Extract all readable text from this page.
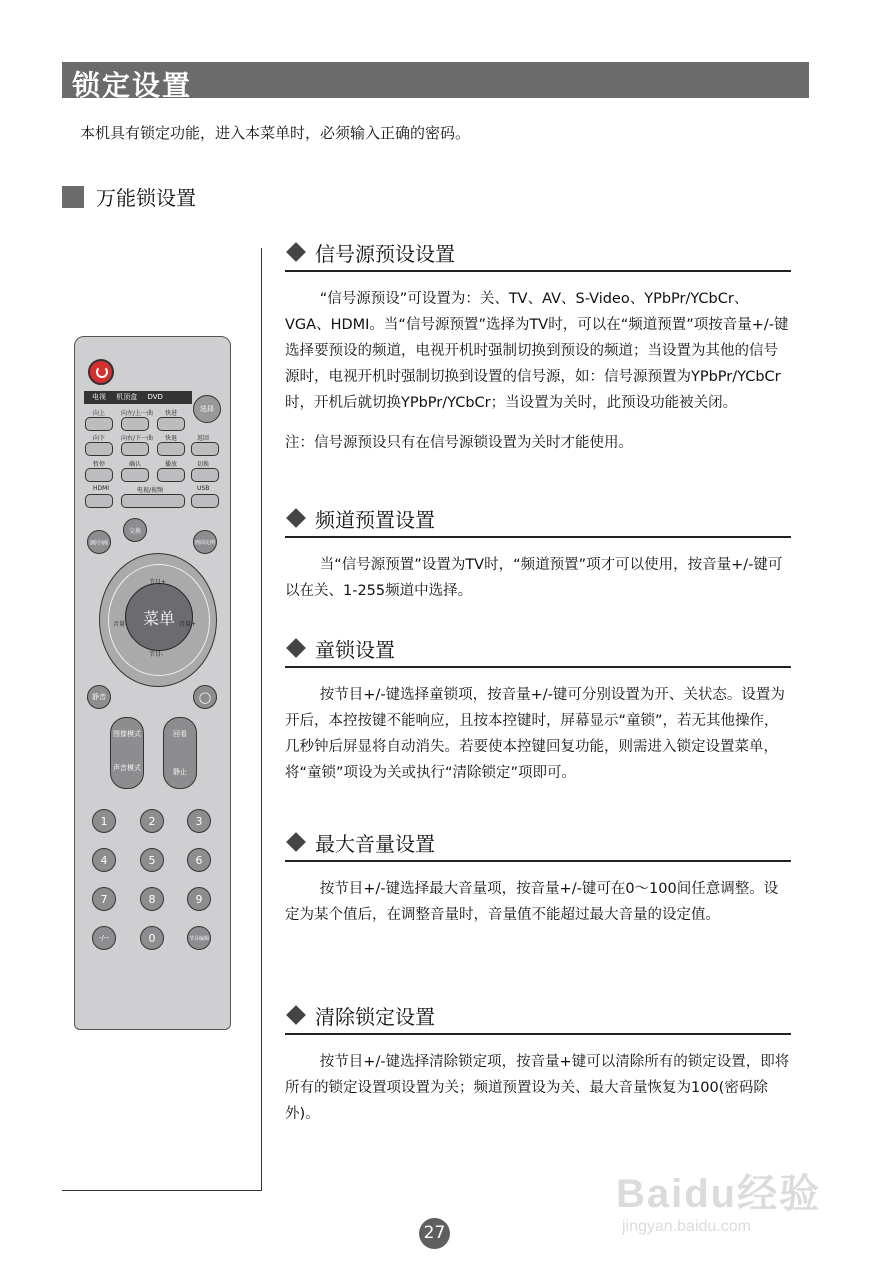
锁定设置
本机具有锁定功能，进入本菜单时，必须输入正确的密码。
万能锁设置
信号源预设设置

“信号源预设”可设置为：关、TV、AV、S-Video、YPbPr/YCbCr、VGA、HDMI。当“信号源预置”选择为TV时，可以在“频道预置”项按音量+/-键选择要预设的频道，电视开机时强制切换到预设的频道；当设置为其他的信号源时，电视开机时强制切换到设置的信号源，如：信号源预置为YPbPr/YCbCr时，开机后就切换YPbPr/YCbCr；当设置为关时，此预设功能被关闭。

注：信号源预设只有在信号源锁设置为关时才能使用。

频道预置设置

当“信号源预置”设置为TV时，“频道预置”项才可以使用，按音量+/-键可以在关、1-255频道中选择。

童锁设置

按节目+/-键选择童锁项，按音量+/-键可分别设置为开、关状态。设置为开后，本控按键不能响应，且按本控键时，屏幕显示“童锁”，若无其他操作，几秒钟后屏显将自动消失。若要使本控键回复功能，则需进入锁定设置菜单，将“童锁”项设为关或执行“清除锁定”项即可。

最大音量设置

按节目+/-键选择最大音量项，按音量+/-键可在0～100间任意调整。设定为某个值后，在调整音量时，音量值不能超过最大音量的设定值。

清除锁定设置

按节目+/-键选择清除锁定项，按音量+键可以清除所有的锁定设置，即将所有的锁定设置项设置为关；频道预置设为关、最大音量恢复为100(密码除外)。

电视 机顶盒 DVD
选择
向上	向左/上一曲 快进
向下	向右/下一曲 快退	返回
暂停	确认	播放	切换
HDMI	电视/视频	USB
画中画
交换
画面比例
菜单
节目+
音量-	音量+
节目-
静音	◯
图像模式
声音模式
回看
静止
1	2	3
4	5	6
7	8	9
-/--	0	节目编辑
27
Baidu经验
jingyan.baidu.com
